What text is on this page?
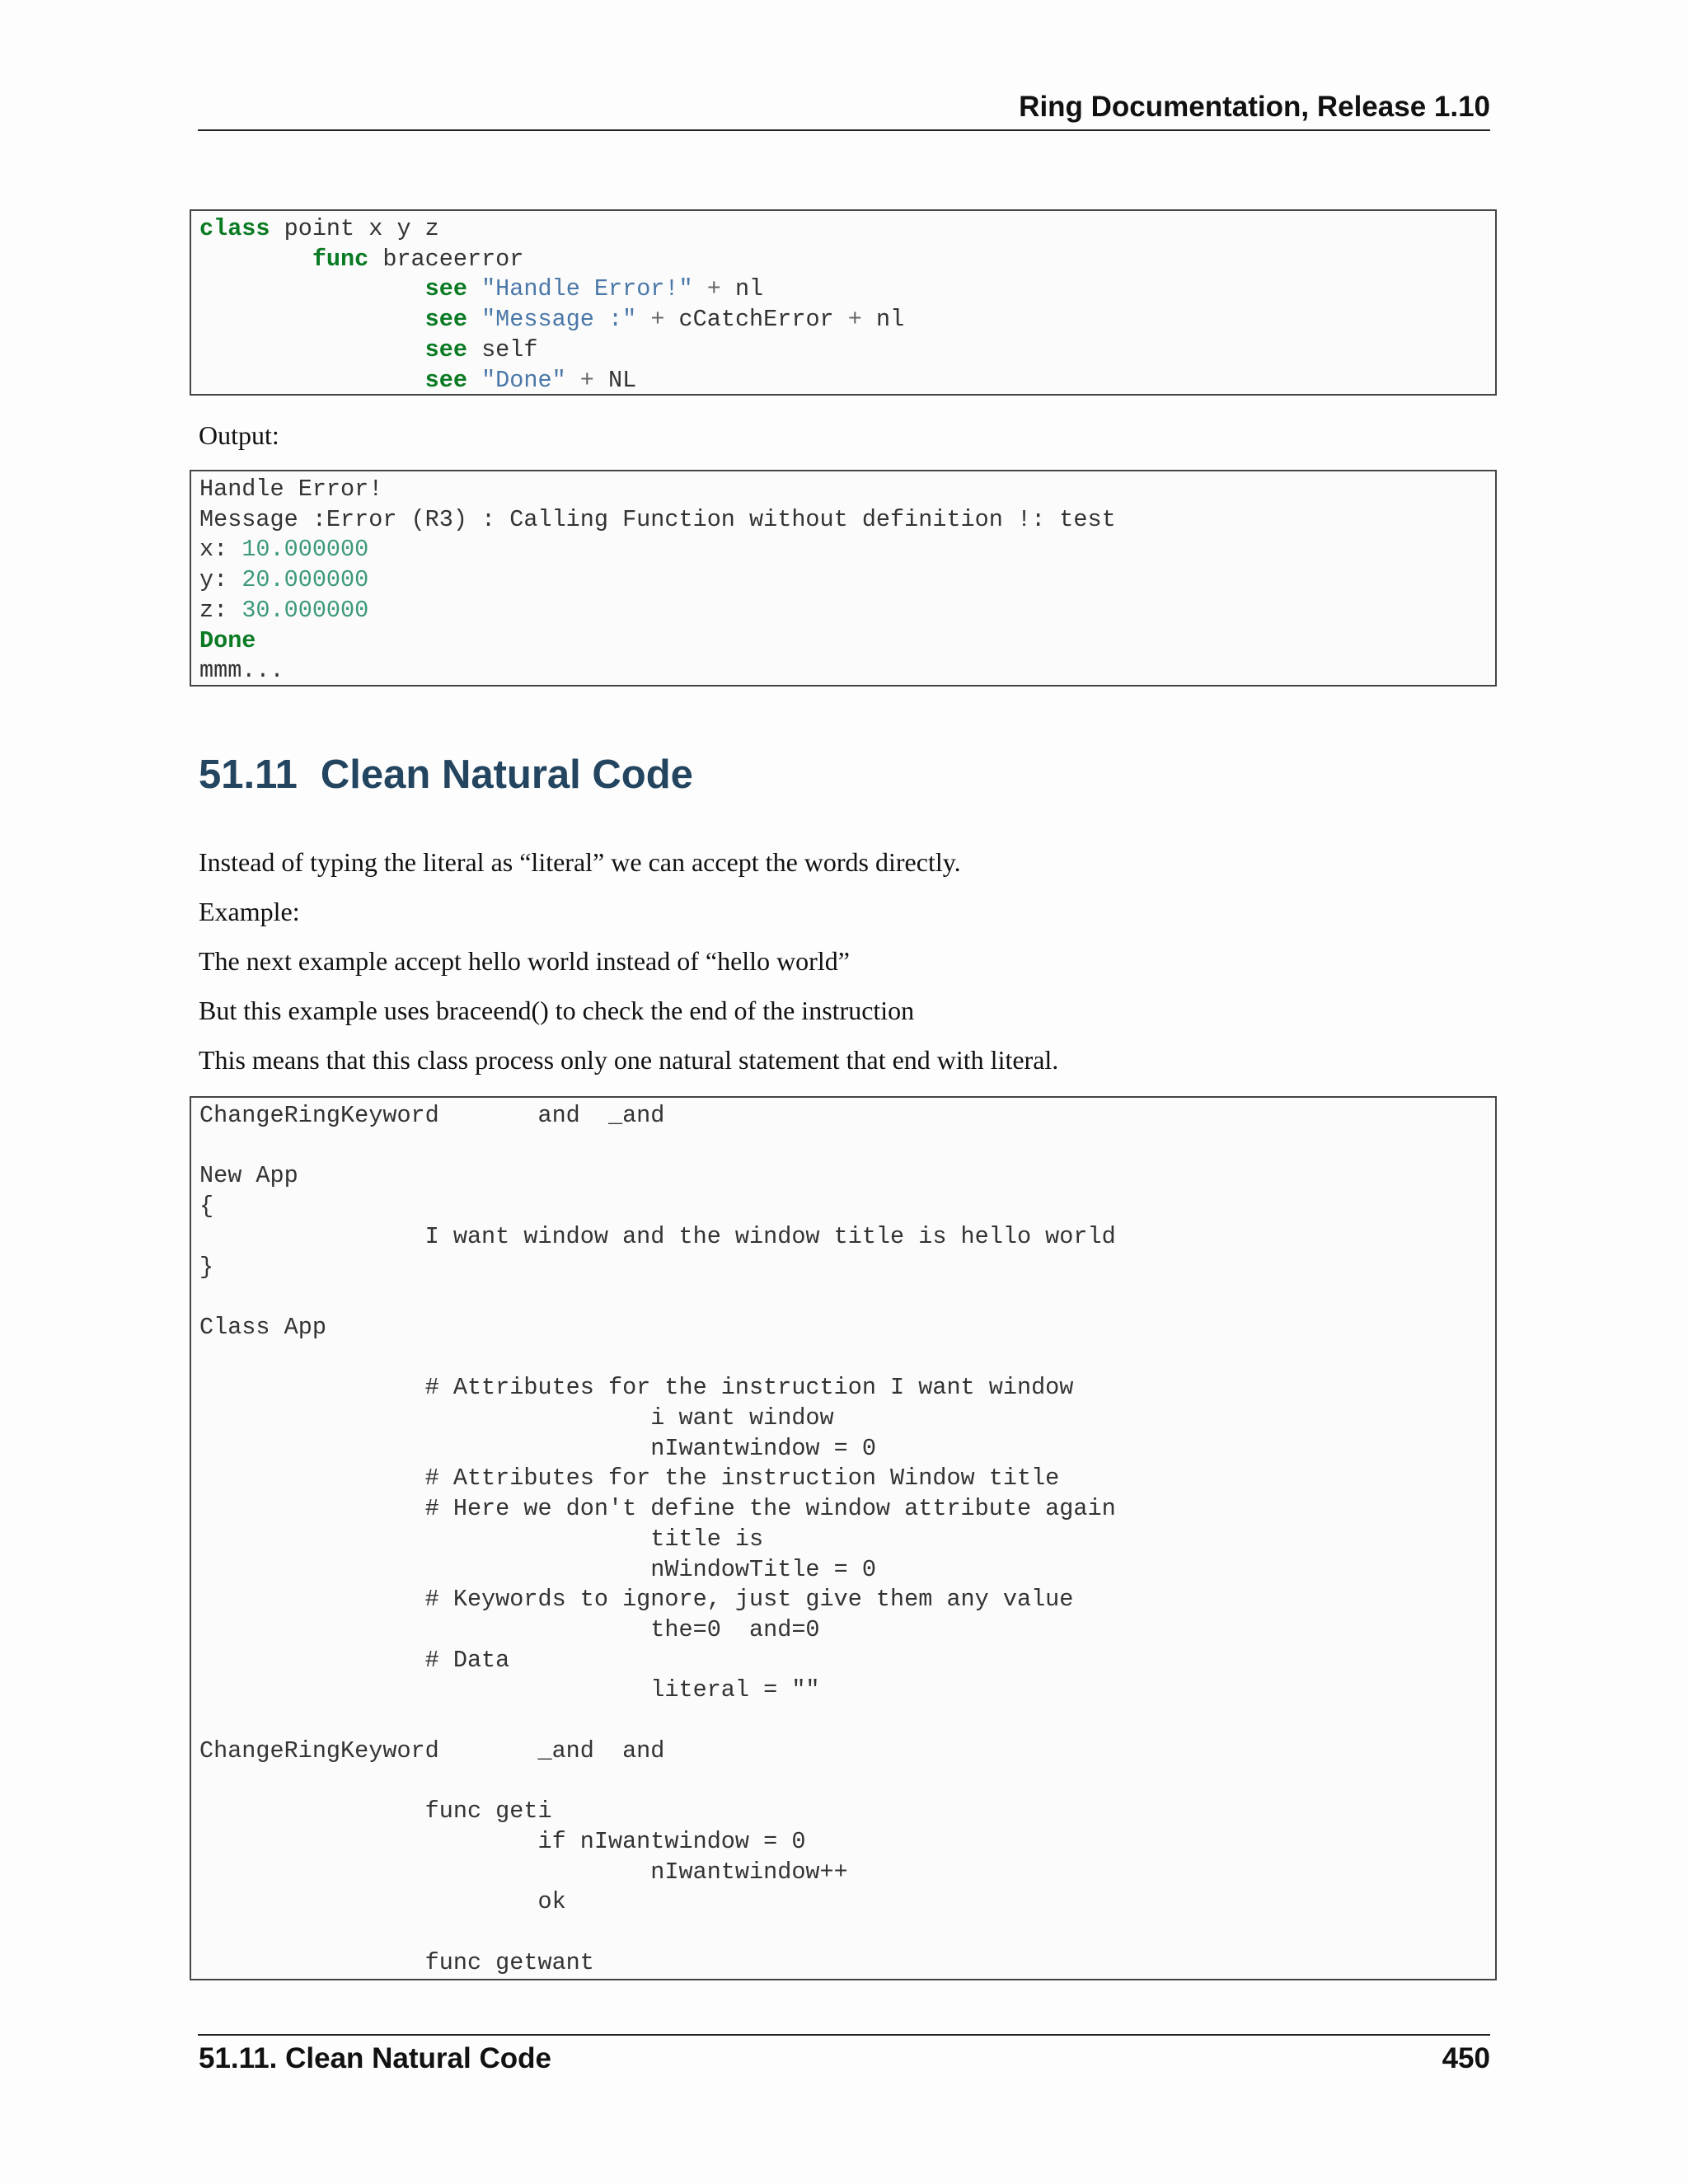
Ring Documentation, Release 1.10
class point x y z
func braceerror
see "Handle Error!" + nl
see "Message :" + cCatchError + nl
see self
see "Done" + NL
Output:
Handle Error!
Message :Error (R3) : Calling Function without definition !: test
x: 10.000000
y: 20.000000
z: 30.000000
Done
mmm...
51.11 Clean Natural Code
Instead of typing the literal as “literal” we can accept the words directly.
Example:
The next example accept hello world instead of “hello world”
But this example uses braceend() to check the end of the instruction
This means that this class process only one natural statement that end with literal.
ChangeRingKeyword       and  _and

New App
{
I want window and the window title is hello world
}

Class App

# Attributes for the instruction I want window
i want window
nIwantwindow = 0
# Attributes for the instruction Window title
# Here we don't define the window attribute again
title is
nWindowTitle = 0
# Keywords to ignore, just give them any value
the=0  and=0
# Data
literal = ""

ChangeRingKeyword       _and  and

func geti
if nIwantwindow = 0
nIwantwindow++
ok

func getwant
51.11. Clean Natural Code	450
